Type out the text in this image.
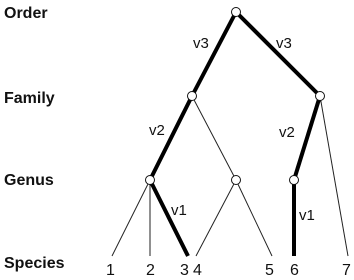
Order
Family
Genus
Species
v3	v3
v2	v2
v1	v1
1 2 3 4	5 6	7
